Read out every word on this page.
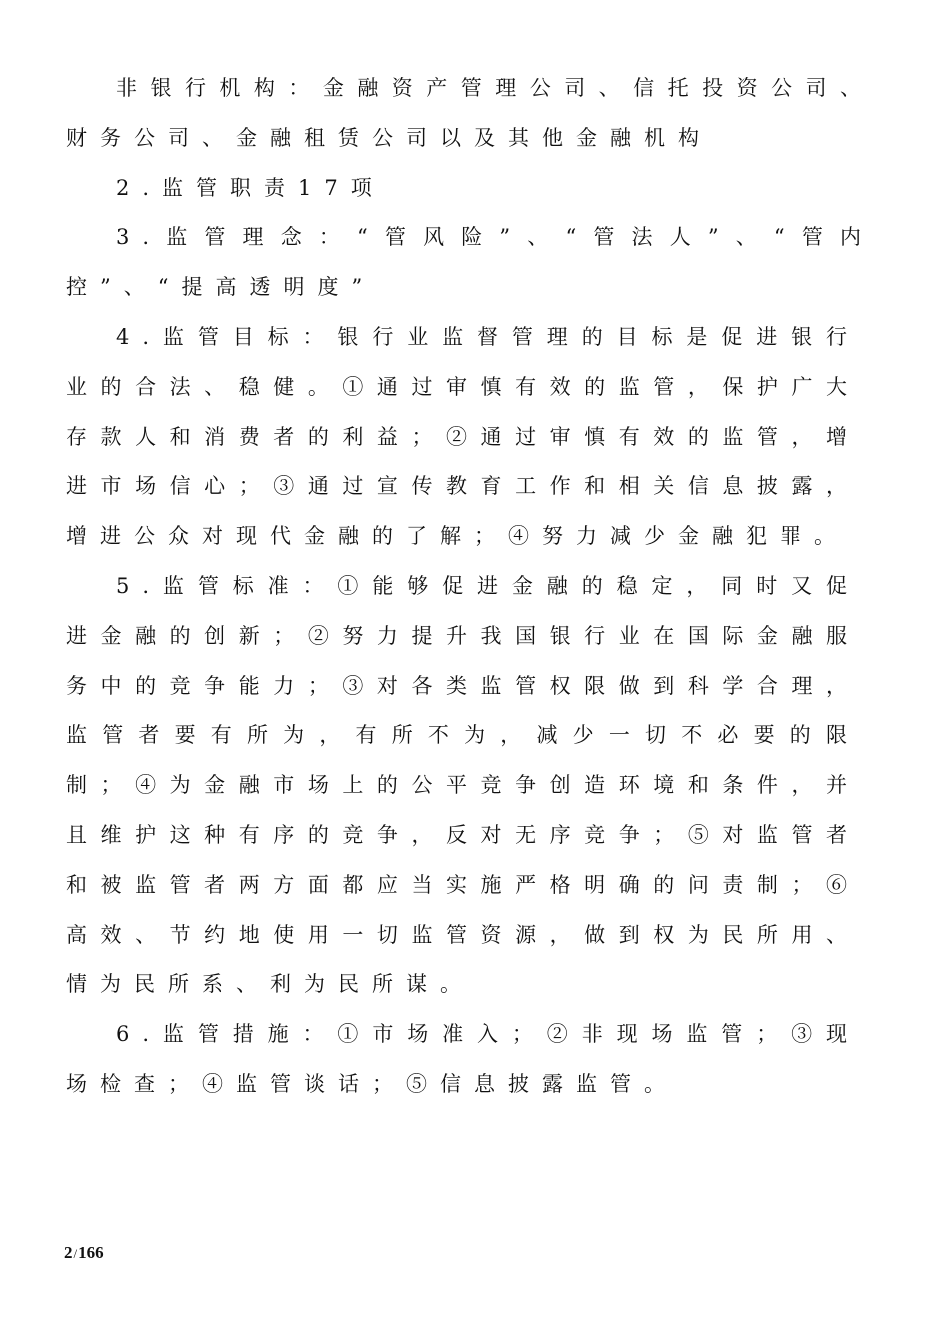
非银行机构：金融资产管理公司、信托投资公司、财务公司、金融租赁公司以及其他金融机构

2.监管职责17项

3.监管理念：“管风险”、“管法人”、“管内控”、“提高透明度”

4.监管目标：银行业监督管理的目标是促进银行业的合法、稳健。①通过审慎有效的监管，保护广大存款人和消费者的利益；②通过审慎有效的监管，增进市场信心；③通过宣传教育工作和相关信息披露，增进公众对现代金融的了解；④努力减少金融犯罪。

5.监管标准：①能够促进金融的稳定，同时又促进金融的创新；②努力提升我国银行业在国际金融服务中的竞争能力；③对各类监管权限做到科学合理，监管者要有所为，有所不为，减少一切不必要的限制；④为金融市场上的公平竞争创造环境和条件，并且维护这种有序的竞争，反对无序竞争；⑤对监管者和被监管者两方面都应当实施严格明确的问责制；⑥高效、节约地使用一切监管资源，做到权为民所用、情为民所系、利为民所谋。

6.监管措施：①市场准入；②非现场监管；③现场检查；④监管谈话；⑤信息披露监管。

2/166
